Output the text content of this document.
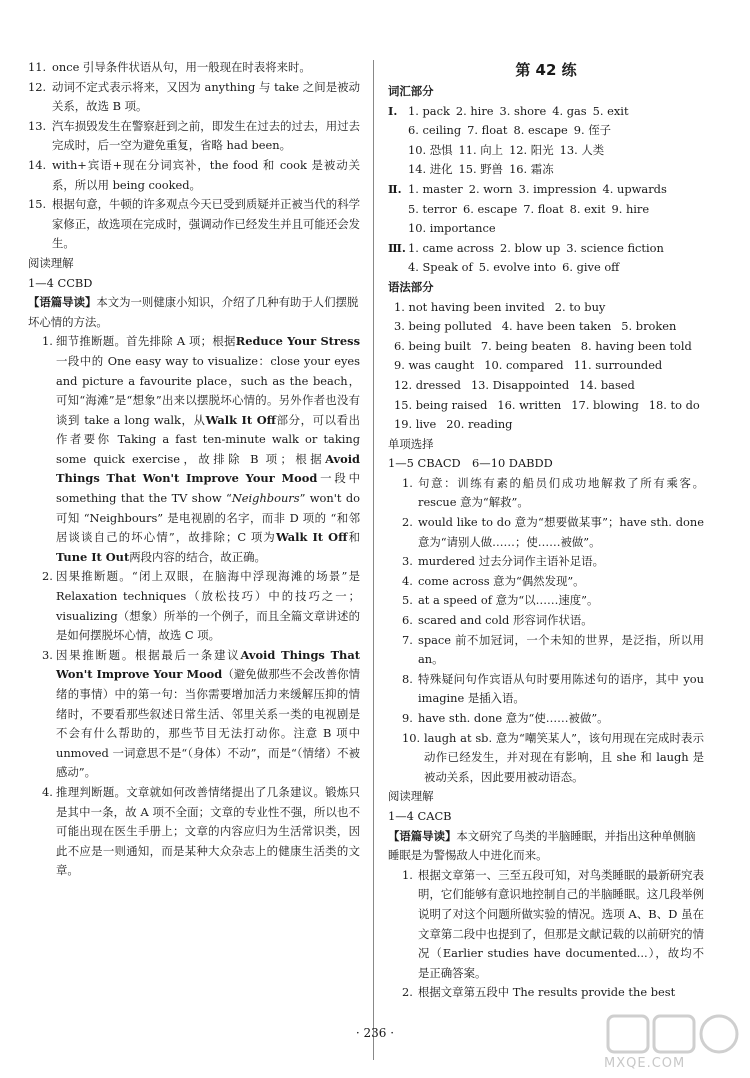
11. once 引导条件状语从句，用一般现在时表将来时。
12. 动词不定式表示将来，又因为 anything 与 take 之间是被动关系，故选 B 项。
13. 汽车损毁发生在警察赶到之前，即发生在过去的过去，用过去完成时，后一空为避免重复，省略 had been。
14. with+宾语+现在分词宾补，the food 和 cook 是被动关系，所以用 being cooked。
15. 根据句意，牛顿的许多观点今天已受到质疑并正被当代的科学家修正，故选项在完成时，强调动作已经发生并且可能还会发生。
阅读理解
1—4 CCBD
【语篇导读】本文为一则健康小知识，介绍了几种有助于人们摆脱坏心情的方法。
1. 细节推断题。首先排除 A 项；根据Reduce Your Stress一段中的 One easy way to visualize：close your eyes and picture a favourite place，such as the beach，可知“海滩”是“想象”出来以摆脱坏心情的。另外作者也没有谈到 take a long walk，从Walk It Off部分，可以看出作者要你 Taking a fast ten-minute walk or taking some quick exercise，故排除 B 项；根据Avoid Things That Won't Improve Your Mood一段中 something that the TV show “Neighbours” won't do 可知 “Neighbours” 是电视剧的名字，而非 D 项的 “和邻居谈谈自己的坏心情”，故排除；C 项为Walk It Off和Tune It Out两段内容的结合，故正确。
2. 因果推断题。“闭上双眼，在脑海中浮现海滩的场景”是 Relaxation techniques（放松技巧）中的技巧之一；visualizing（想象）所举的一个例子，而且全篇文章讲述的是如何摆脱坏心情，故选 C 项。
3. 因果推断题。根据最后一条建议Avoid Things That Won't Improve Your Mood（避免做那些不会改善你情绪的事情）中的第一句：当你需要增加活力来缓解压抑的情绪时，不要看那些叙述日常生活、邻里关系一类的电视剧是不会有什么帮助的，那些节目无法打动你。注意 B 项中 unmoved 一词意思不是“（身体）不动”，而是“（情绪）不被感动”。
4. 推理判断题。文章就如何改善情绪提出了几条建议。锻炼只是其中一条，故 A 项不全面；文章的专业性不强，所以也不可能出现在医生手册上；文章的内容应归为生活常识类，因此不应是一则通知，而是某种大众杂志上的健康生活类的文章。
第 42 练
词汇部分
Ⅰ. 1. pack 2. hire 3. shore 4. gas 5. exit
6. ceiling 7. float 8. escape 9. 侄子
10. 恐惧 11. 向上 12. 阳光 13. 人类
14. 进化 15. 野兽 16. 霜冻
Ⅱ. 1. master 2. worn 3. impression 4. upwards
5. terror 6. escape 7. float 8. exit 9. hire
10. importance
Ⅲ. 1. came across 2. blow up 3. science fiction
4. Speak of 5. evolve into 6. give off
语法部分
1. not having been invited 2. to buy
3. being polluted 4. have been taken 5. broken
6. being built 7. being beaten 8. having been told
9. was caught 10. compared 11. surrounded
12. dressed 13. Disappointed 14. based
15. being raised 16. written 17. blowing 18. to do
19. live 20. reading
单项选择
1—5 CBACD　6—10 DABDD
1. 句意：训练有素的船员们成功地解救了所有乘客。rescue 意为“解救”。
2. would like to do 意为“想要做某事”；have sth. done 意为“请别人做……；使……被做”。
3. murdered 过去分词作主语补足语。
4. come across 意为“偶然发现”。
5. at a speed of 意为“以……速度”。
6. scared and cold 形容词作状语。
7. space 前不加冠词，一个未知的世界，是泛指，所以用 an。
8. 特殊疑问句作宾语从句时要用陈述句的语序，其中 you imagine 是插入语。
9. have sth. done 意为“使……被做”。
10. laugh at sb. 意为“嘲笑某人”，该句用现在完成时表示动作已经发生，并对现在有影响，且 she 和 laugh 是被动关系，因此要用被动语态。
阅读理解
1—4 CACB
【语篇导读】本文研究了鸟类的半脑睡眠，并指出这种单侧脑睡眠是为警惕敌人中进化而来。
1. 根据文章第一、三至五段可知，对鸟类睡眠的最新研究表明，它们能够有意识地控制自己的半脑睡眠。这几段举例说明了对这个问题所做实验的情况。选项 A、B、D 虽在文章第二段中也提到了，但那是文献记载的以前研究的情况（Earlier studies have documented...），故均不是正确答案。
2. 根据文章第五段中 The results provide the best
· 236 ·
MXQE.COM
